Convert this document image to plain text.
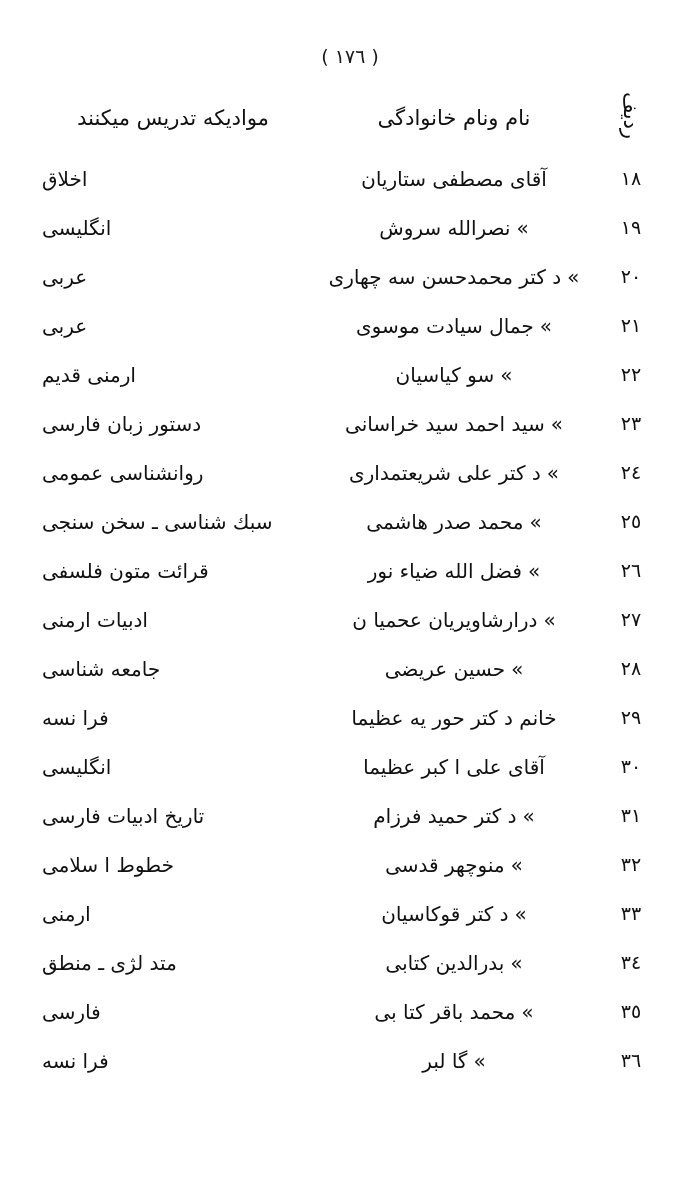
( ١٧٦ )
ردیف	نام ونام خانوادگی	مواديکه تدريس ميکنند
١٨	آقای مصطفی ستاريان	اخلاق
١٩	»نصرالله سروش	انگليسی
٢٠	»د کتر محمدحسن سه چهاری	عربی
٢١	»جمال سيادت موسوی	عربی
٢٢	»سو کياسيان	ارمنی قديم
٢٣	»سيد احمد سيد خراسانی	دستور زبان فارسی
٢٤	»د کتر علی شريعتمداری	روانشناسی عمومی
٢٥	»محمد صدر هاشمی	سبك شناسی ـ سخن سنجی
٢٦	»فضل الله ضياء نور	قرائت متون فلسفی
٢٧	»درارشاويريان عحميا ن	ادبيات ارمنی
٢٨	»حسين عريضی	جامعه شناسی
٢٩	خانم د کتر حور يه عظيما	فرا نسه
٣٠	آقای علی ا کبر عظيما	انگليسی
٣١	»د کتر حميد فرزام	تاريخ ادبيات فارسی
٣٢	»منوچهر قدسی	خطوط ا سلامی
٣٣	»د کتر قوکاسيان	ارمنی
٣٤	»بدرالدين کتابی	متد لژی ـ منطق
٣٥	»محمد باقر کتا بی	فارسی
٣٦	»گا لبر	فرا نسه
